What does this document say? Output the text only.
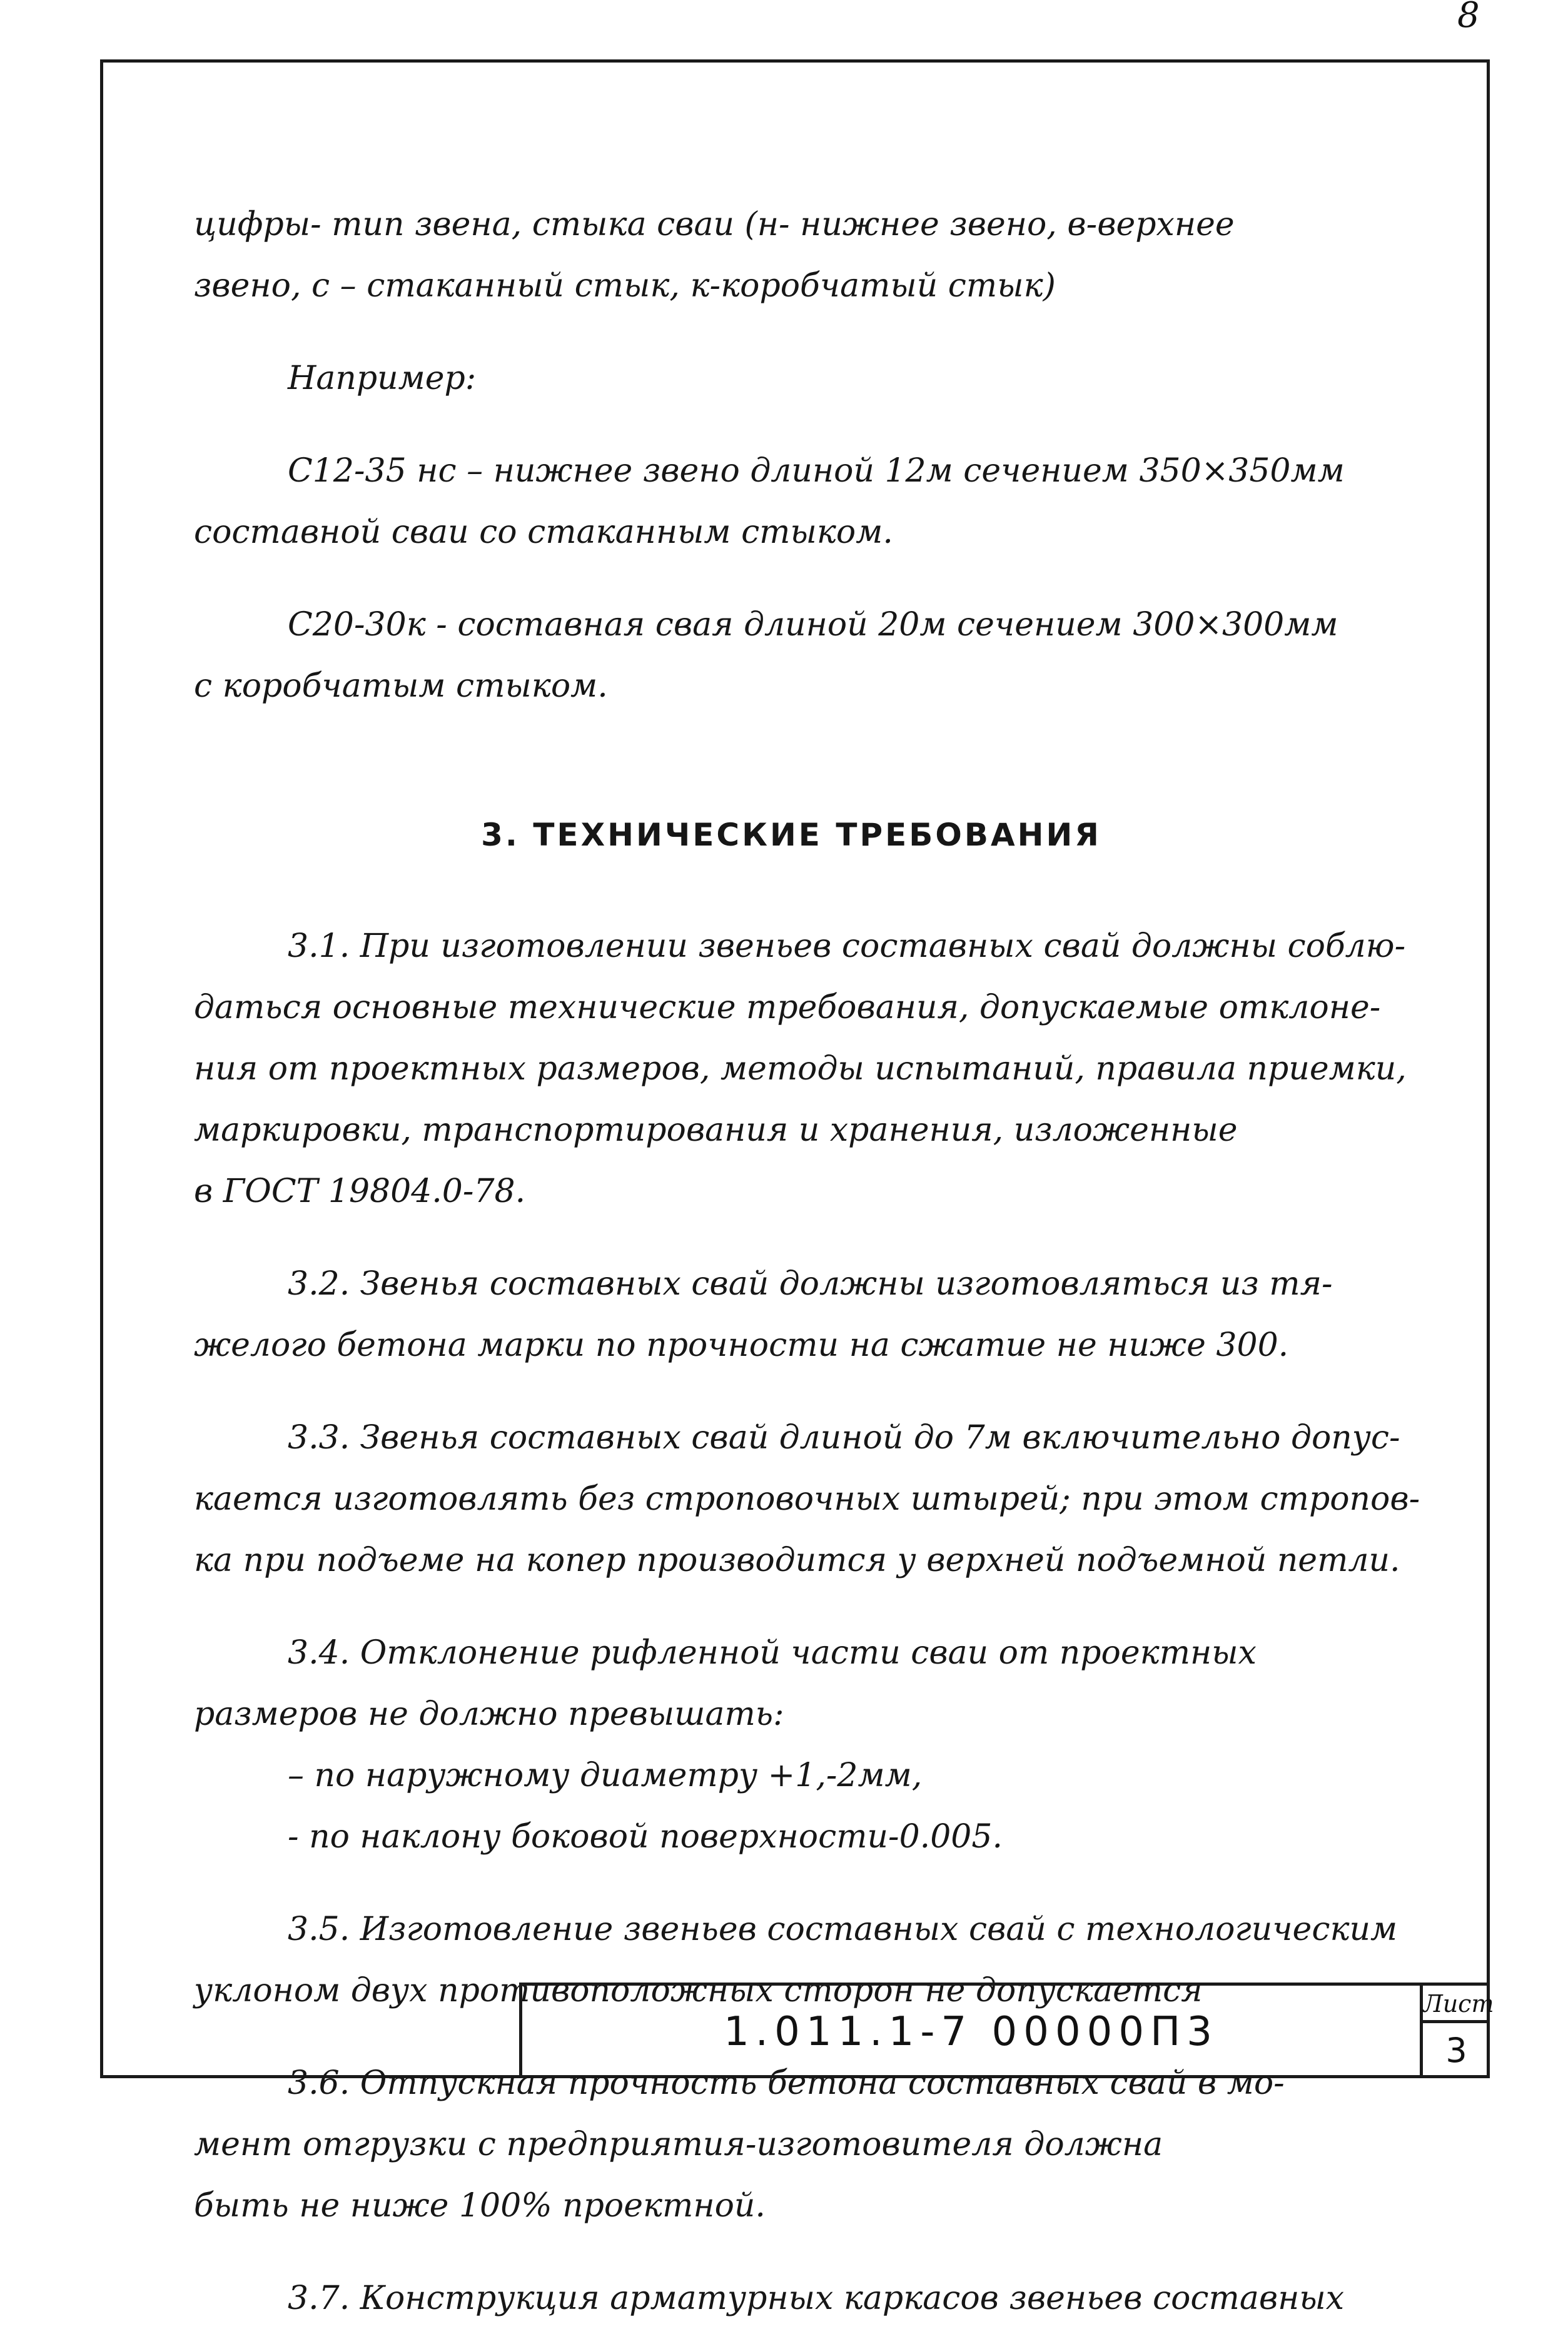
8
цифры- тип звена, стыка сваи (н- нижнее звено, в-верхнее
звено, с – стаканный стык, к-коробчатый стык)
Например:
С12-35 нс – нижнее звено длиной 12м сечением 350×350мм
составной сваи со стаканным стыком.
С20-30к - составная свая длиной 20м сечением 300×300мм
с коробчатым стыком.
3. ТЕХНИЧЕСКИЕ ТРЕБОВАНИЯ
3.1. При изготовлении звеньев составных свай должны соблю-
даться основные технические требования, допускаемые отклоне-
ния от проектных размеров, методы испытаний, правила приемки,
маркировки, транспортирования и хранения, изложенные
в ГОСТ 19804.0-78.
3.2. Звенья составных свай должны изготовляться из тя-
желого бетона марки по прочности на сжатие не ниже 300.
3.3. Звенья составных свай длиной до 7м включительно допус-
кается изготовлять без строповочных штырей; при этом стропов-
ка при подъеме на копер производится у верхней подъемной петли.
3.4. Отклонение рифленной части сваи от проектных
размеров не должно превышать:
– по наружному диаметру +1,-2мм,
- по наклону боковой поверхности-0.005.
3.5. Изготовление звеньев составных свай с технологическим
уклоном двух противоположных сторон не допускается
3.6. Отпускная прочность бетона составных свай в мо-
мент отгрузки с предприятия-изготовителя должна
быть не ниже 100% проектной.
3.7. Конструкция арматурных каркасов звеньев составных
1.011.1-7 00000П3
Лист
3
